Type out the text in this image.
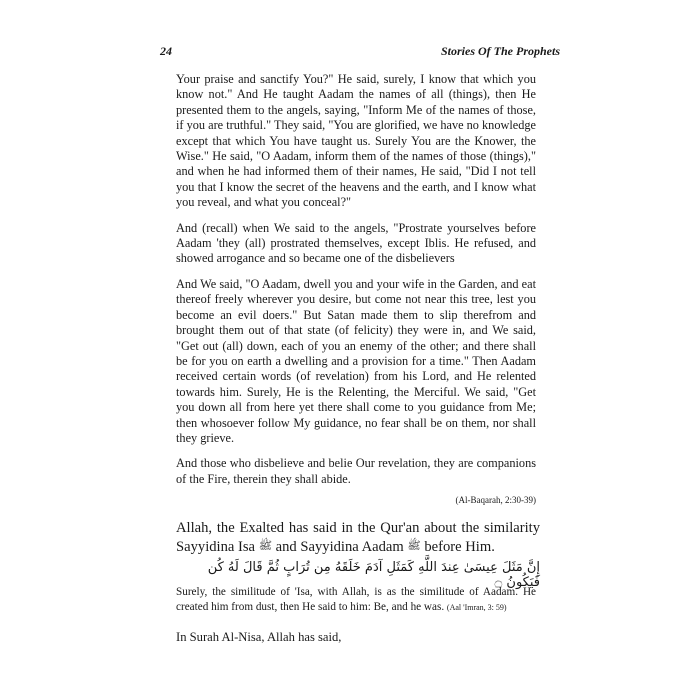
24	Stories Of The Prophets

Your praise and sanctify You?" He said, surely, I know that which you know not." And He taught Aadam the names of all (things), then He presented them to the angels, saying, "Inform Me of the names of those, if you are truthful." They said, "You are glorified, we have no knowledge except that which You have taught us. Surely You are the Knower, the Wise." He said, "O Aadam, inform them of the names of those (things)," and when he had informed them of their names, He said, "Did I not tell you that I know the secret of the heavens and the earth, and I know what you reveal, and what you conceal?"

And (recall) when We said to the angels, "Prostrate yourselves before Aadam 'they (all) prostrated themselves, except Iblis. He refused, and showed arrogance and so became one of the disbelievers

And We said, "O Aadam, dwell you and your wife in the Garden, and eat thereof freely wherever you desire, but come not near this tree, lest you become an evil doers." But Satan made them to slip therefrom and brought them out of that state (of felicity) they were in, and We said, "Get out (all) down, each of you an enemy of the other; and there shall be for you on earth a dwelling and a provision for a time." Then Aadam received certain words (of revelation) from his Lord, and He relented towards him. Surely, He is the Relenting, the Merciful. We said, "Get you down all from here yet there shall come to you guidance from Me; then whosoever follow My guidance, no fear shall be on them, nor shall they grieve.

And those who disbelieve and belie Our revelation, they are companions of the Fire, therein they shall abide.

(Al-Baqarah, 2:30-39)

Allah, the Exalted has said in the Qur'an about the similarity Sayyidina Isa ﷺ and Sayyidina Aadam ﷺ before Him.

إِنَّ مَثَلَ عِيسَىٰ عِندَ اللَّهِ كَمَثَلِ آدَمَ خَلَقَهُ مِن تُرَابٍ ثُمَّ قَالَ لَهُ كُن فَيَكُونُ ۝

Surely, the similitude of 'Isa, with Allah, is as the similitude of Aadam. He created him from dust, then He said to him: Be, and he was. (Aal 'Imran, 3: 59)

In Surah Al-Nisa, Allah has said,
